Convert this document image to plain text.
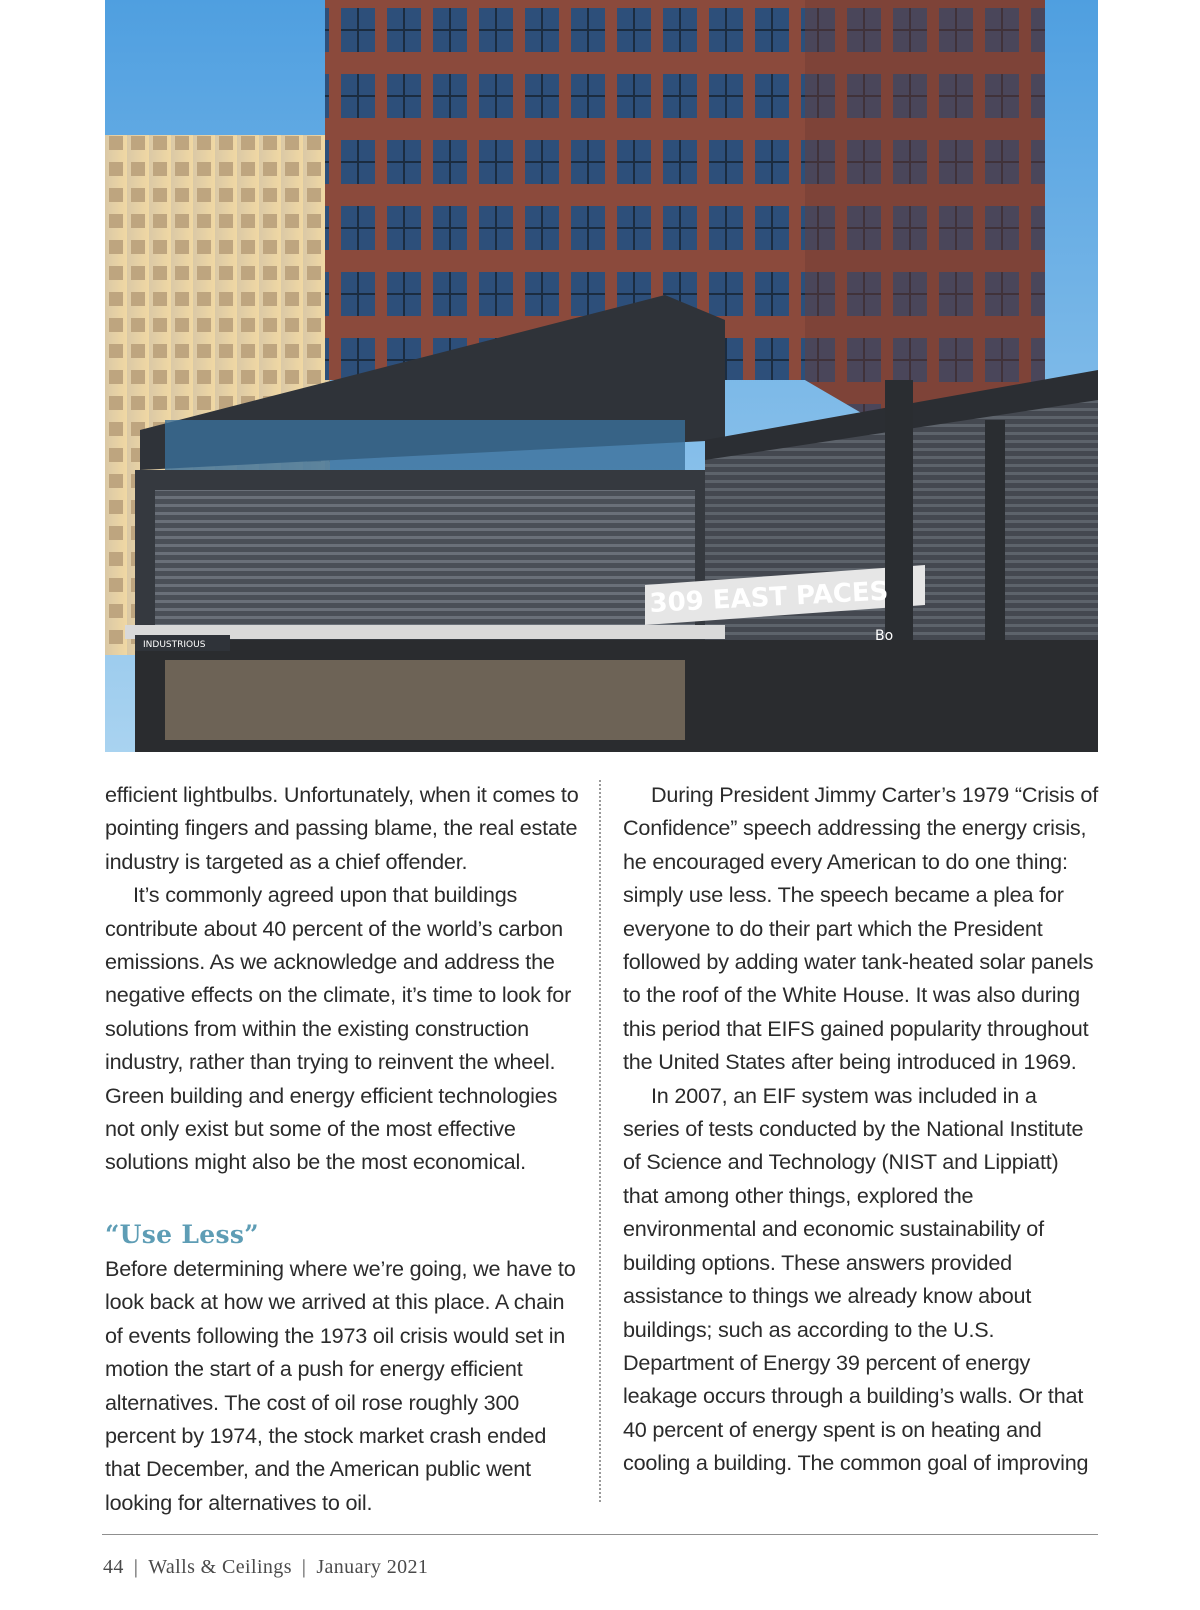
309 EAST PACES
INDUSTRIOUS
Bo

efficient lightbulbs. Unfortunately, when it comes to pointing fingers and passing blame, the real estate industry is targeted as a chief offender.

It’s commonly agreed upon that buildings contribute about 40 percent of the world’s carbon emissions. As we acknowledge and address the negative effects on the climate, it’s time to look for solutions from within the existing construction industry, rather than trying to reinvent the wheel. Green building and energy efficient technologies not only exist but some of the most effective solutions might also be the most economical.

“Use Less”

Before determining where we’re going, we have to look back at how we arrived at this place. A chain of events following the 1973 oil crisis would set in motion the start of a push for energy efficient alternatives. The cost of oil rose roughly 300 percent by 1974, the stock market crash ended that December, and the American public went looking for alternatives to oil.

During President Jimmy Carter’s 1979 “Crisis of Confidence” speech addressing the energy crisis, he encouraged every American to do one thing: simply use less. The speech became a plea for everyone to do their part which the President followed by adding water tank-heated solar panels to the roof of the White House. It was also during this period that EIFS gained popularity throughout the United States after being introduced in 1969.

In 2007, an EIF system was included in a series of tests conducted by the National Institute of Science and Technology (NIST and Lippiatt) that among other things, explored the environmental and economic sustainability of building options. These answers provided assistance to things we already know about buildings; such as according to the U.S. Department of Energy 39 percent of energy leakage occurs through a building’s walls. Or that 40 percent of energy spent is on heating and cooling a building. The common goal of improving

44 | Walls & Ceilings | January 2021
